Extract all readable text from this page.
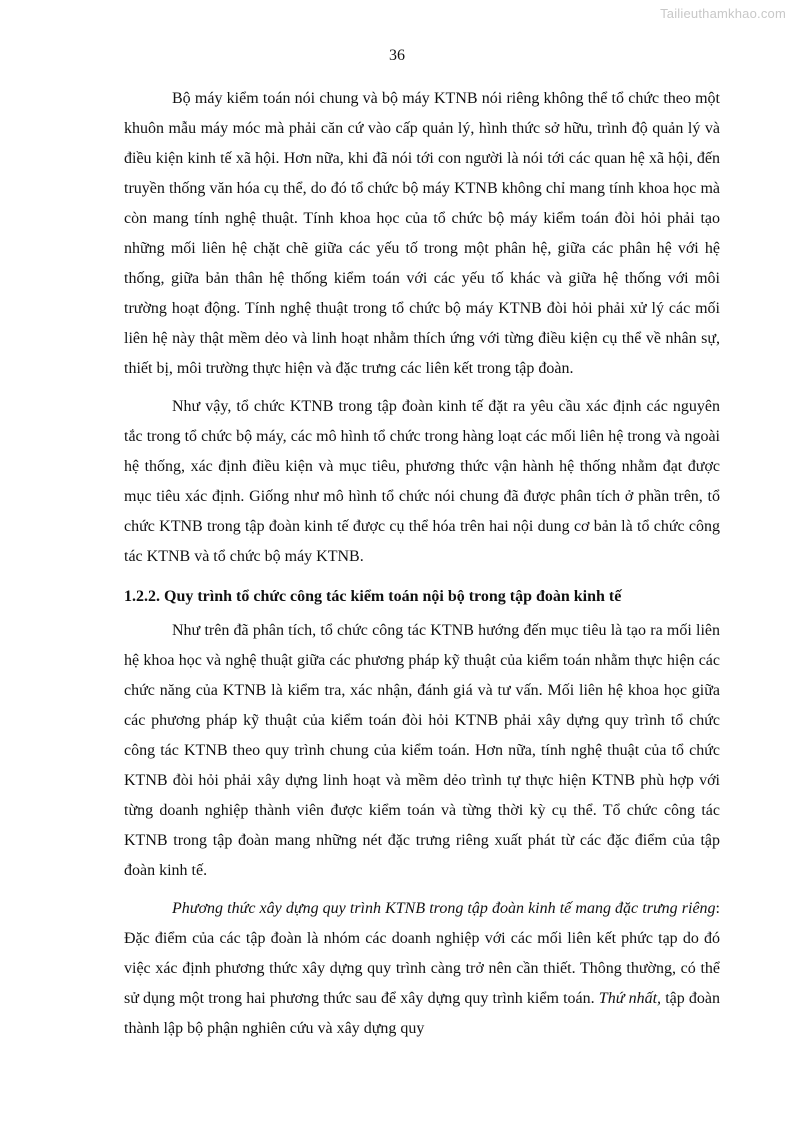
Tailieuthamkhao.com
36

Bộ máy kiểm toán nói chung và bộ máy KTNB nói riêng không thể tổ chức theo một khuôn mẫu máy móc mà phải căn cứ vào cấp quản lý, hình thức sở hữu, trình độ quản lý và điều kiện kinh tế xã hội. Hơn nữa, khi đã nói tới con người là nói tới các quan hệ xã hội, đến truyền thống văn hóa cụ thể, do đó tổ chức bộ máy KTNB không chỉ mang tính khoa học mà còn mang tính nghệ thuật. Tính khoa học của tổ chức bộ máy kiểm toán đòi hỏi phải tạo những mối liên hệ chặt chẽ giữa các yếu tố trong một phân hệ, giữa các phân hệ với hệ thống, giữa bản thân hệ thống kiểm toán với các yếu tố khác và giữa hệ thống với môi trường hoạt động. Tính nghệ thuật trong tổ chức bộ máy KTNB đòi hỏi phải xử lý các mối liên hệ này thật mềm dẻo và linh hoạt nhằm thích ứng với từng điều kiện cụ thể về nhân sự, thiết bị, môi trường thực hiện và đặc trưng các liên kết trong tập đoàn.

Như vậy, tổ chức KTNB trong tập đoàn kinh tế đặt ra yêu cầu xác định các nguyên tắc trong tổ chức bộ máy, các mô hình tổ chức trong hàng loạt các mối liên hệ trong và ngoài hệ thống, xác định điều kiện và mục tiêu, phương thức vận hành hệ thống nhằm đạt được mục tiêu xác định. Giống như mô hình tổ chức nói chung đã được phân tích ở phần trên, tổ chức KTNB trong tập đoàn kinh tế được cụ thể hóa trên hai nội dung cơ bản là tổ chức công tác KTNB và tổ chức bộ máy KTNB.

1.2.2. Quy trình tổ chức công tác kiểm toán nội bộ trong tập đoàn kinh tế

Như trên đã phân tích, tổ chức công tác KTNB hướng đến mục tiêu là tạo ra mối liên hệ khoa học và nghệ thuật giữa các phương pháp kỹ thuật của kiểm toán nhằm thực hiện các chức năng của KTNB là kiểm tra, xác nhận, đánh giá và tư vấn. Mối liên hệ khoa học giữa các phương pháp kỹ thuật của kiểm toán đòi hỏi KTNB phải xây dựng quy trình tổ chức công tác KTNB theo quy trình chung của kiểm toán. Hơn nữa, tính nghệ thuật của tổ chức KTNB đòi hỏi phải xây dựng linh hoạt và mềm dẻo trình tự thực hiện KTNB phù hợp với từng doanh nghiệp thành viên được kiểm toán và từng thời kỳ cụ thể. Tổ chức công tác KTNB trong tập đoàn mang những nét đặc trưng riêng xuất phát từ các đặc điểm của tập đoàn kinh tế.

Phương thức xây dựng quy trình KTNB trong tập đoàn kinh tế mang đặc trưng riêng: Đặc điểm của các tập đoàn là nhóm các doanh nghiệp với các mối liên kết phức tạp do đó việc xác định phương thức xây dựng quy trình càng trở nên cần thiết. Thông thường, có thể sử dụng một trong hai phương thức sau để xây dựng quy trình kiểm toán. Thứ nhất, tập đoàn thành lập bộ phận nghiên cứu và xây dựng quy
